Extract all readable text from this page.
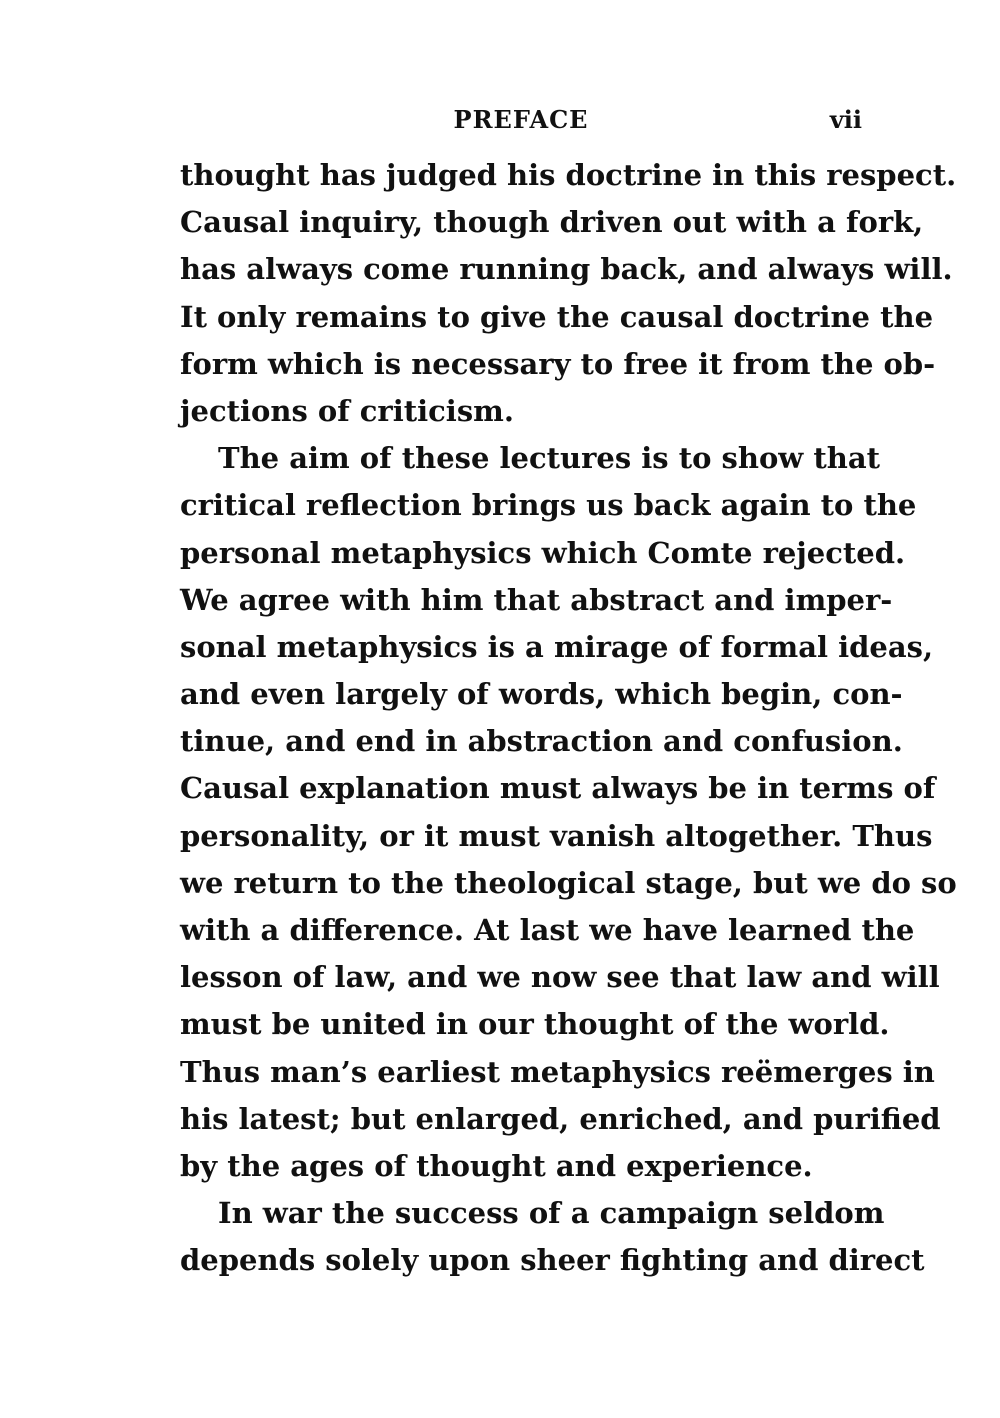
PREFACE	vii
thought has judged his doctrine in this respect.
Causal inquiry, though driven out with a fork,
has always come running back, and always will.
It only remains to give the causal doctrine the
form which is necessary to free it from the ob-
jections of criticism.
The aim of these lectures is to show that
critical reflection brings us back again to the
personal metaphysics which Comte rejected.
We agree with him that abstract and imper-
sonal metaphysics is a mirage of formal ideas,
and even largely of words, which begin, con-
tinue, and end in abstraction and confusion.
Causal explanation must always be in terms of
personality, or it must vanish altogether. Thus
we return to the theological stage, but we do so
with a difference. At last we have learned the
lesson of law, and we now see that law and will
must be united in our thought of the world.
Thus man’s earliest metaphysics reëmerges in
his latest; but enlarged, enriched, and purified
by the ages of thought and experience.
In war the success of a campaign seldom
depends solely upon sheer fighting and direct
